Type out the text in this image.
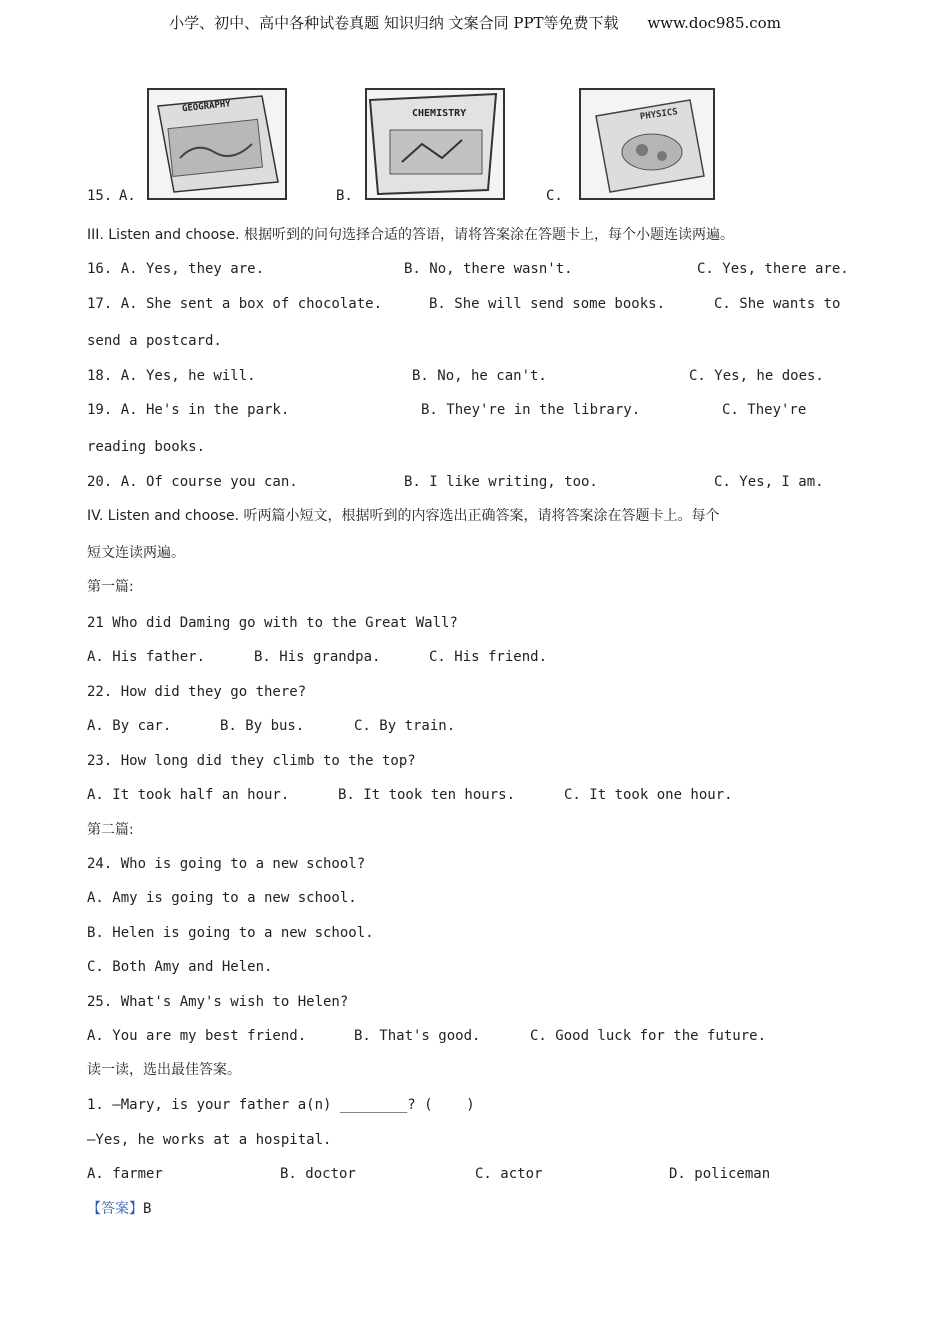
小学、初中、高中各种试卷真题 知识归纳 文案合同 PPT等免费下载 www.doc985.com
GEOGRAPHY	CHEMISTRY	PHYSICS
15. A.	B.	C.
III. Listen and choose. 根据听到的问句选择合适的答语，请将答案涂在答题卡上，每个小题连读两遍。
16. A. Yes, they are.	B. No, there wasn't.	C. Yes, there are.
17. A. She sent a box of chocolate.	B. She will send some books.	C. She wants to
send a postcard.
18. A. Yes, he will.	B. No, he can't.	C. Yes, he does.
19. A. He's in the park.	B. They're in the library.	C. They're
reading books.
20. A. Of course you can.	B. I like writing, too.	C. Yes, I am.
IV. Listen and choose. 听两篇小短文，根据听到的内容选出正确答案，请将答案涂在答题卡上。每个
短文连读两遍。
第一篇:
21 Who did Daming go with to the Great Wall?
A. His father.	B. His grandpa.	C. His friend.
22. How did they go there?
A. By car.	B. By bus.	C. By train.
23. How long did they climb to the top?
A. It took half an hour.	B. It took ten hours.	C. It took one hour.
第二篇:
24. Who is going to a new school?
A. Amy is going to a new school.
B. Helen is going to a new school.
C. Both Amy and Helen.
25. What's Amy's wish to Helen?
A. You are my best friend.	B. That's good.	C. Good luck for the future.
读一读，选出最佳答案。
1. —Mary, is your father a(n) ________? (    )
—Yes, he works at a hospital.
A. farmer	B. doctor	C. actor	D. policeman
【答案】B
